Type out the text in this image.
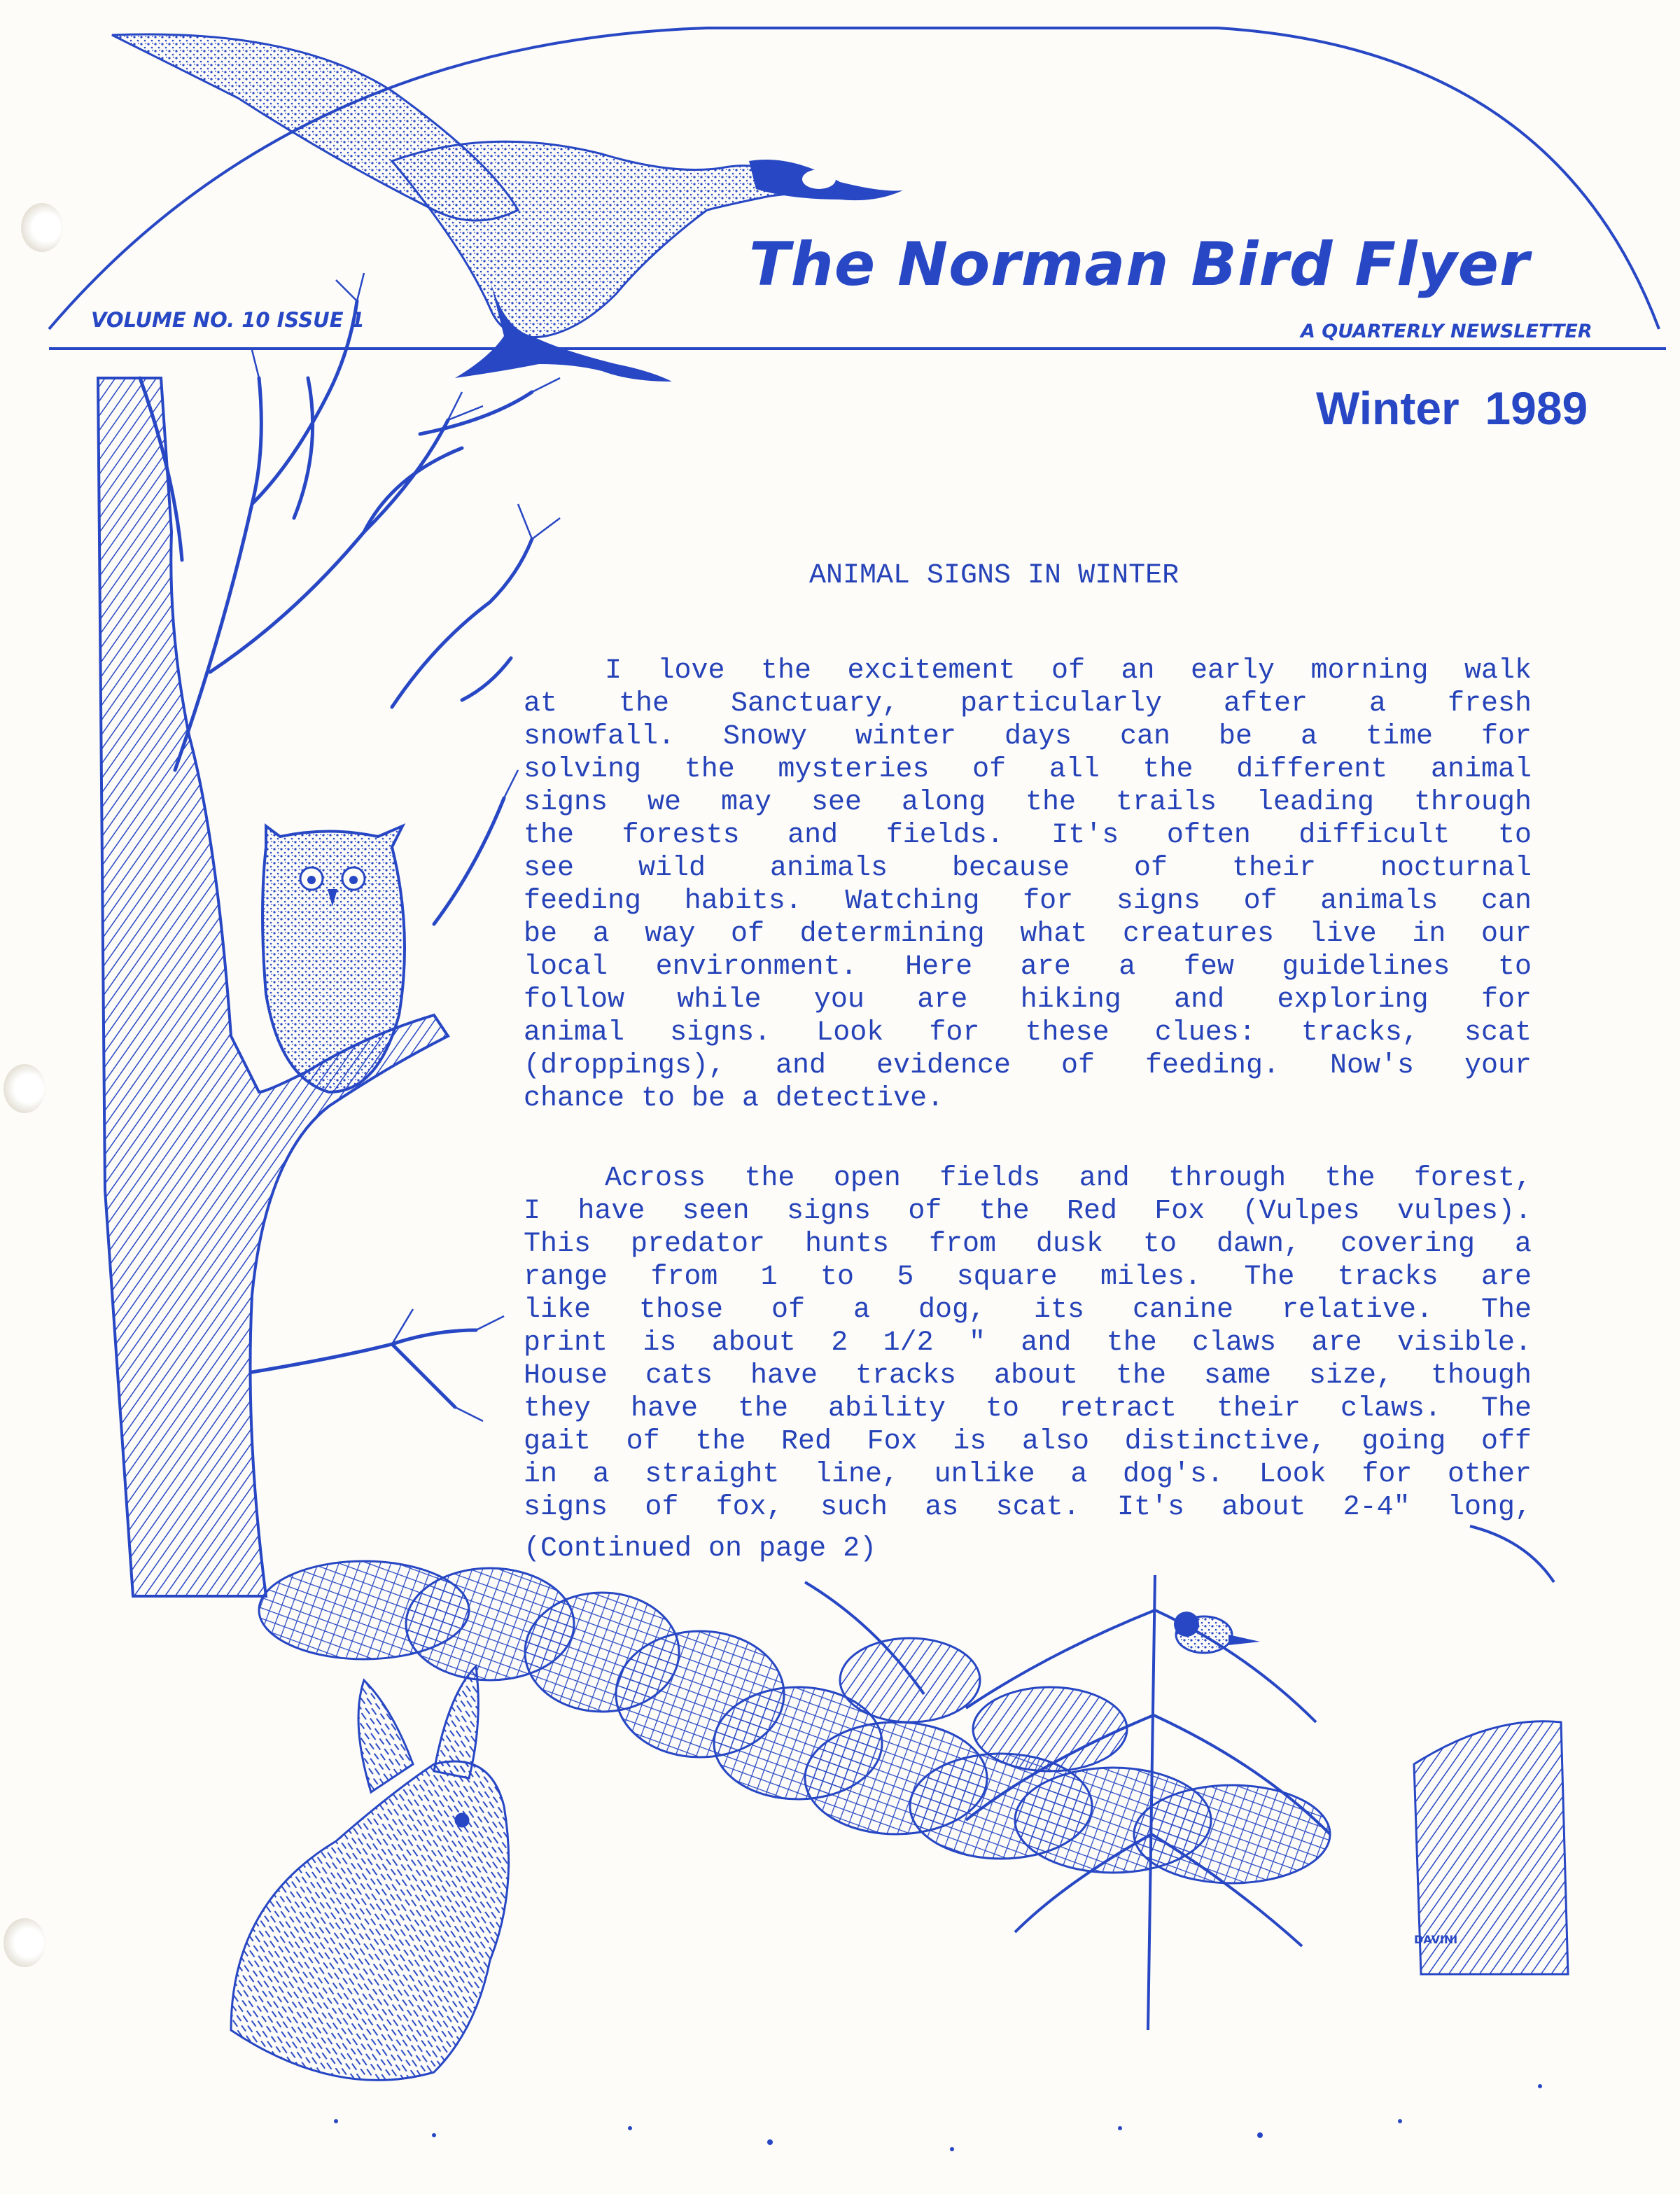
DAVINI
The Norman Bird Flyer
VOLUME NO. 10 ISSUE 1	A QUARTERLY NEWSLETTER
Winter  1989
ANIMAL SIGNS IN WINTER
I love the excitement of an early morning walk
at the Sanctuary, particularly after a fresh
snowfall. Snowy winter days can be a time for
solving the mysteries of all the different animal
signs we may see along the trails leading through
the forests and fields. It's often difficult to
see wild animals because of their nocturnal
feeding habits. Watching for signs of animals can
be a way of determining what creatures live in our
local environment. Here are a few guidelines to
follow while you are hiking and exploring for
animal signs. Look for these clues: tracks, scat
(droppings), and evidence of feeding. Now's your
chance to be a detective.
Across the open fields and through the forest,
I have seen signs of the Red Fox (Vulpes vulpes).
This predator hunts from dusk to dawn, covering a
range from 1 to 5 square miles. The tracks are
like those of a dog, its canine relative. The
print is about 2 1/2 " and the claws are visible.
House cats have tracks about the same size, though
they have the ability to retract their claws. The
gait of the Red Fox is also distinctive, going off
in a straight line, unlike a dog's. Look for other
signs of fox, such as scat. It's about 2-4" long,
(Continued on page 2)
